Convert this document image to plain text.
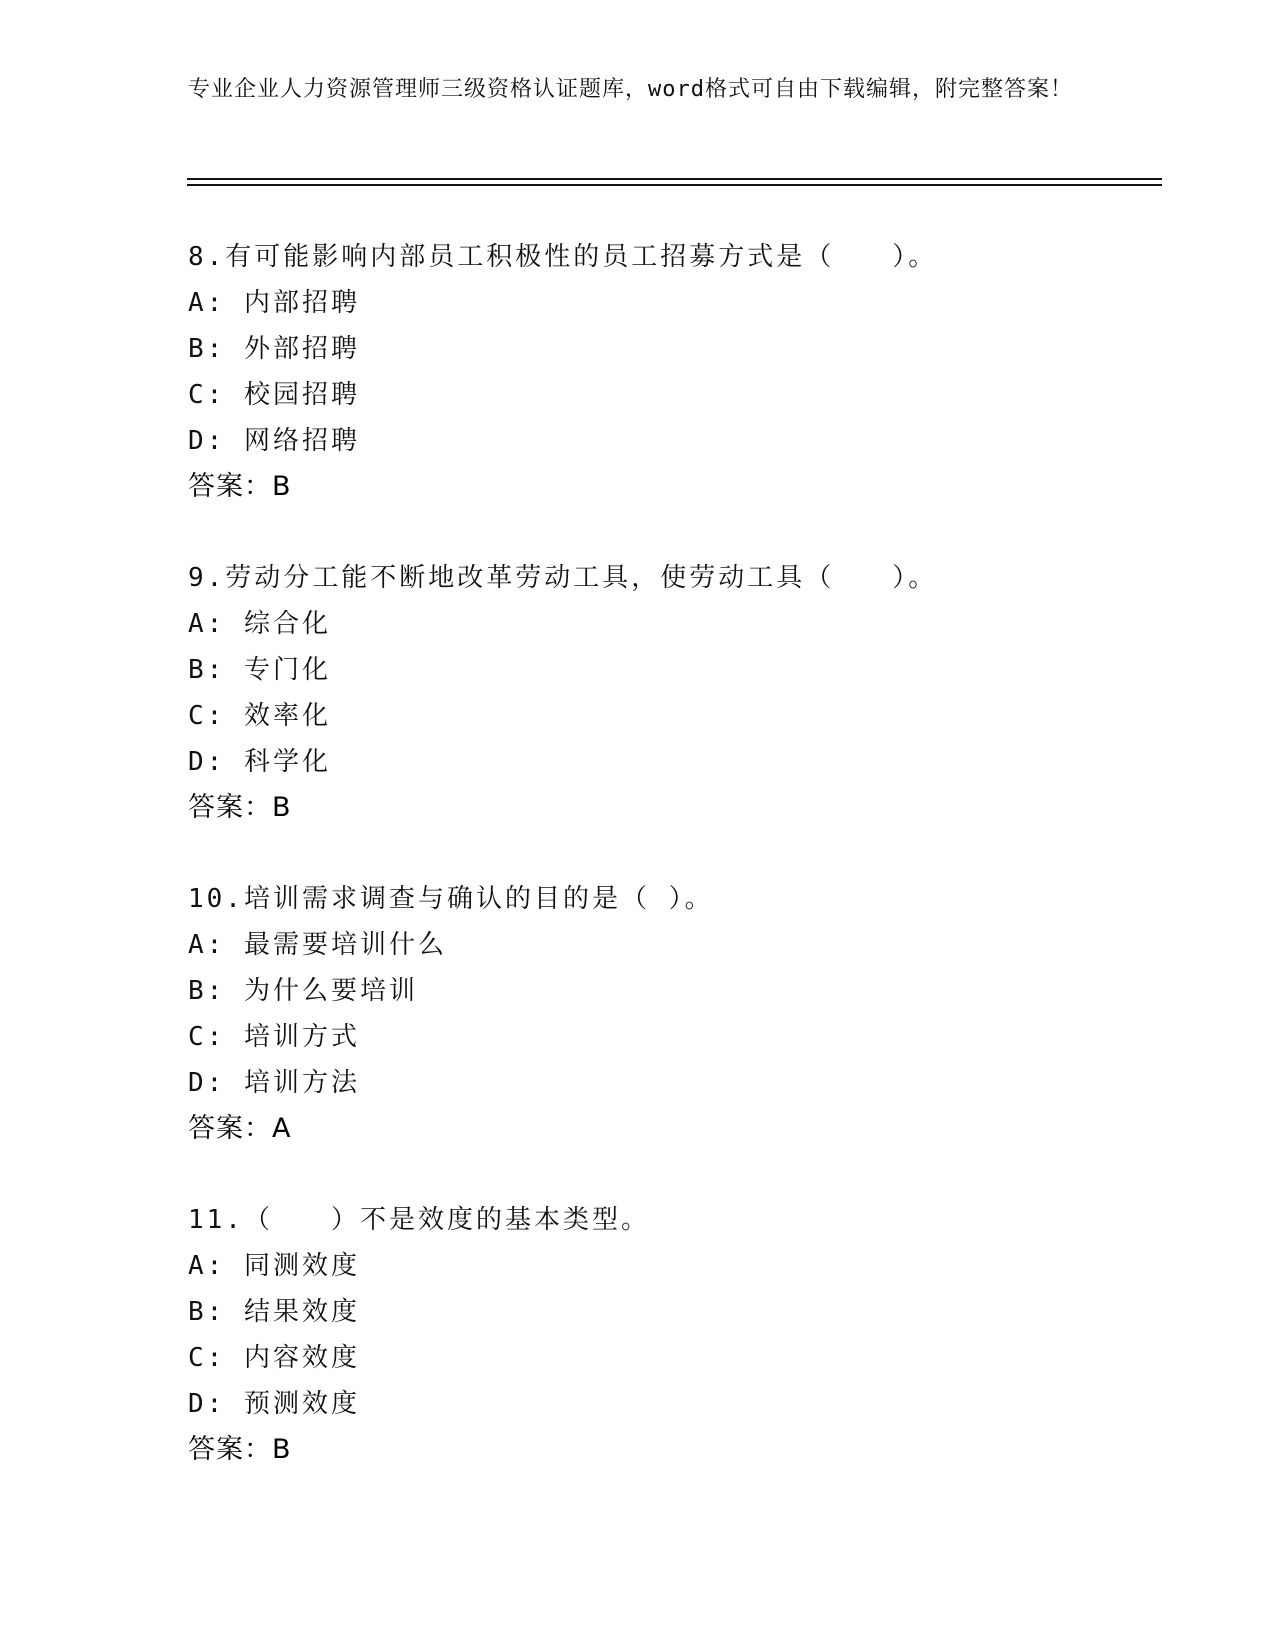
专业企业人力资源管理师三级资格认证题库，word格式可自由下载编辑，附完整答案！
8.有可能影响内部员工积极性的员工招募方式是（　　）。
A: 内部招聘
B: 外部招聘
C: 校园招聘
D: 网络招聘
答案：B
9.劳动分工能不断地改革劳动工具，使劳动工具（　　）。
A: 综合化
B: 专门化
C: 效率化
D: 科学化
答案：B
10.培训需求调查与确认的目的是（ ）。
A: 最需要培训什么
B: 为什么要培训
C: 培训方式
D: 培训方法
答案：A
11.（　　）不是效度的基本类型。
A: 同测效度
B: 结果效度
C: 内容效度
D: 预测效度
答案：B
